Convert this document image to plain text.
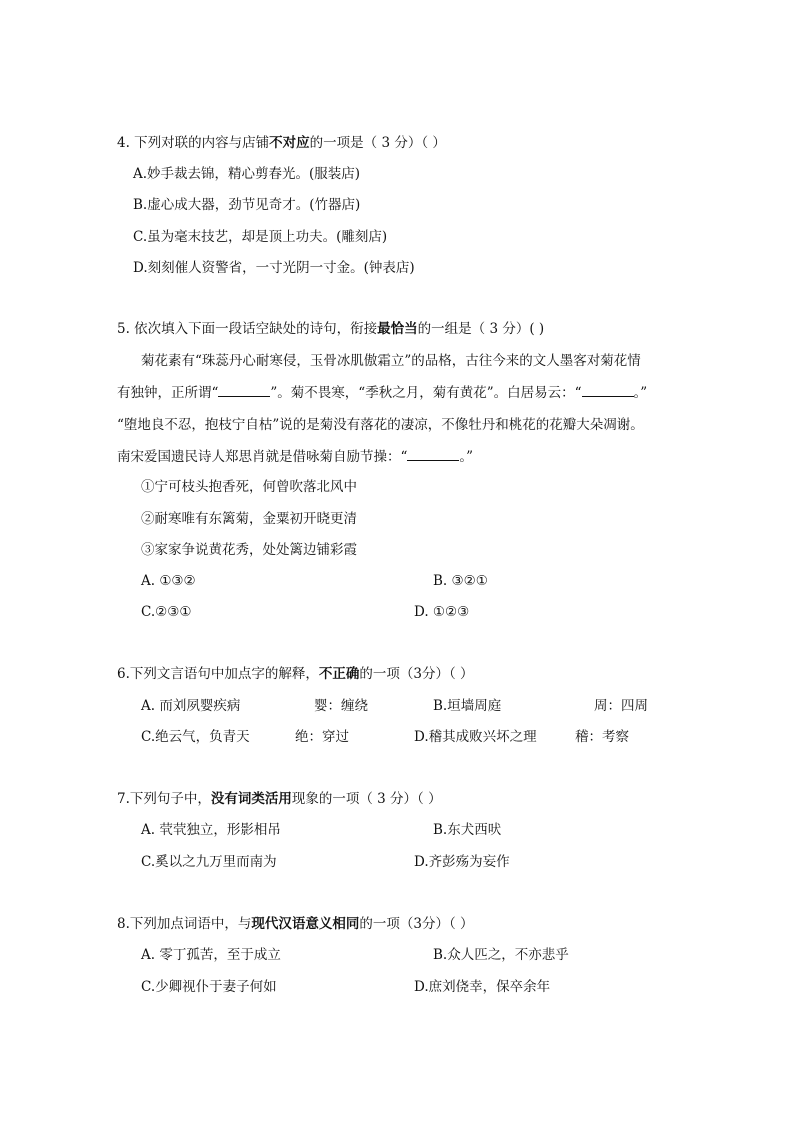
4. 下列对联的内容与店铺不对应的一项是（ 3 分）（ ）
A.妙手裁去锦，精心剪春光。(服装店)
B.虚心成大器，劲节见奇才。(竹器店)
C.虽为毫末技艺，却是顶上功夫。(雕刻店)
D.刻刻催人资警省，一寸光阴一寸金。(钟表店)
5. 依次填入下面一段话空缺处的诗句，衔接最恰当的一组是（ 3 分）( )
菊花素有“珠蕊丹心耐寒侵，玉骨冰肌傲霜立”的品格，古往今来的文人墨客对菊花情
有独钟，正所谓“	”。菊不畏寒，“季秋之月，菊有黄花”。白居易云：“	。”
“堕地良不忍，抱枝宁自枯”说的是菊没有落花的凄凉，不像牡丹和桃花的花瓣大朵凋谢。
南宋爱国遗民诗人郑思肖就是借咏菊自励节操：“	。”
①宁可枝头抱香死，何曾吹落北风中
②耐寒唯有东篱菊，金粟初开晓更清
③家家争说黄花秀，处处篱边铺彩霞
A. ①③②	B. ③②①
C.②③①	D. ①②③
6.下列文言语句中加点字的解释，不正确的一项（3分）（ ）
A. 而刘夙婴疾病	婴：缠绕	B.垣墙周庭	周：四周
C.绝云气，负青天	绝：穿过	D.稽其成败兴坏之理	稽：考察
7.下列句子中，没有词类活用现象的一项（ 3 分）（ ）
A. 茕茕独立，形影相吊	B.东犬西吠
C.奚以之九万里而南为	D.齐彭殇为妄作
8.下列加点词语中，与现代汉语意义相同的一项（3分）（ ）
A. 零丁孤苦，至于成立	B.众人匹之，不亦悲乎
C.少卿视仆于妻子何如	D.庶刘侥幸，保卒余年
